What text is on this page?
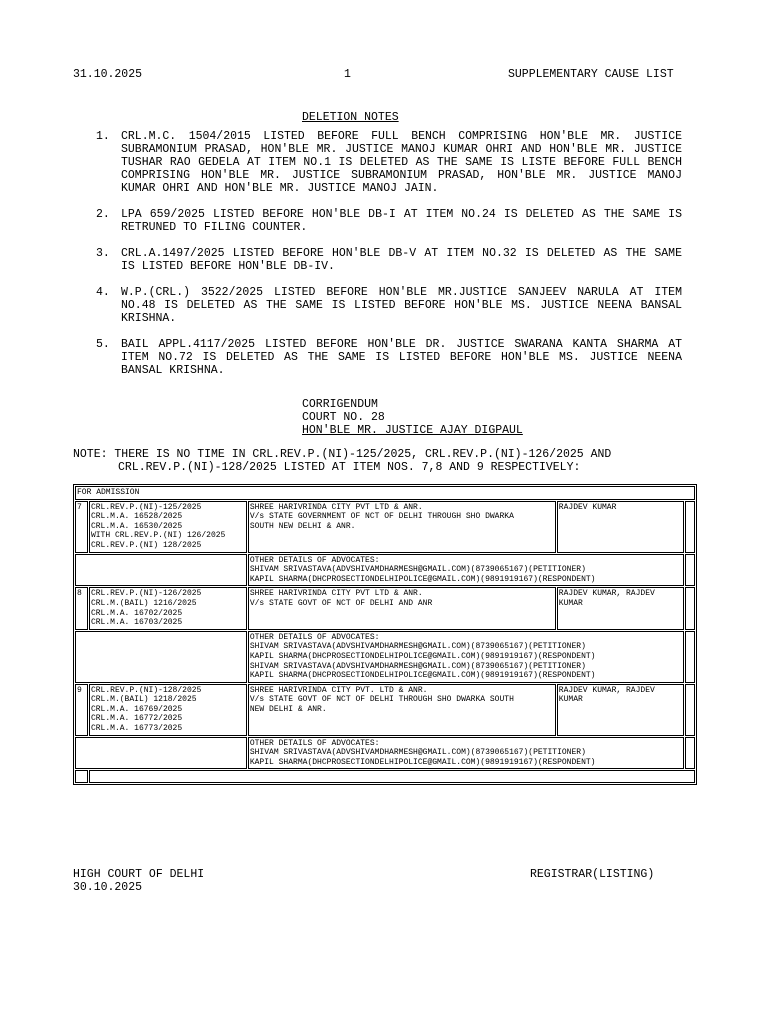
31.10.2025	1	SUPPLEMENTARY CAUSE LIST
DELETION NOTES
1. CRL.M.C. 1504/2015 LISTED BEFORE FULL BENCH COMPRISING HON'BLE MR. JUSTICE SUBRAMONIUM PRASAD, HON'BLE MR. JUSTICE MANOJ KUMAR OHRI AND HON'BLE MR. JUSTICE TUSHAR RAO GEDELA AT ITEM NO.1 IS DELETED AS THE SAME IS LISTE BEFORE FULL BENCH COMPRISING HON'BLE MR. JUSTICE SUBRAMONIUM PRASAD, HON'BLE MR. JUSTICE MANOJ KUMAR OHRI AND HON'BLE MR. JUSTICE MANOJ JAIN.
2. LPA 659/2025 LISTED BEFORE HON'BLE DB-I AT ITEM NO.24 IS DELETED AS THE SAME IS RETRUNED TO FILING COUNTER.
3. CRL.A.1497/2025 LISTED BEFORE HON'BLE DB-V AT ITEM NO.32 IS DELETED AS THE SAME IS LISTED BEFORE HON'BLE DB-IV.
4. W.P.(CRL.) 3522/2025 LISTED BEFORE HON'BLE MR.JUSTICE SANJEEV NARULA AT ITEM NO.48 IS DELETED AS THE SAME IS LISTED BEFORE HON'BLE MS. JUSTICE NEENA BANSAL KRISHNA.
5. BAIL APPL.4117/2025 LISTED BEFORE HON'BLE DR. JUSTICE SWARANA KANTA SHARMA AT ITEM NO.72 IS DELETED AS THE SAME IS LISTED BEFORE HON'BLE MS. JUSTICE NEENA BANSAL KRISHNA.
CORRIGENDUM
COURT NO. 28
HON'BLE MR. JUSTICE AJAY DIGPAUL
NOTE: THERE IS NO TIME IN CRL.REV.P.(NI)-125/2025, CRL.REV.P.(NI)-126/2025 AND
CRL.REV.P.(NI)-128/2025 LISTED AT ITEM NOS. 7,8 AND 9 RESPECTIVELY:
FOR ADMISSION				
7	CRL.REV.P.(NI)-125/2025
CRL.M.A. 16528/2025
CRL.M.A. 16530/2025
WITH CRL.REV.P.(NI) 126/2025
CRL.REV.P.(NI) 128/2025	SHREE HARIVRINDA CITY PVT LTD & ANR.
V/s STATE GOVERNMENT OF NCT OF DELHI THROUGH SHO DWARKA
SOUTH NEW DELHI & ANR.	RAJDEV KUMAR	

		OTHER DETAILS OF ADVOCATES:
SHIVAM SRIVASTAVA(ADVSHIVAMDHARMESH@GMAIL.COM)(8739065167)(PETITIONER)
KAPIL SHARMA(DHCPROSECTIONDELHIPOLICE@GMAIL.COM)(9891919167)(RESPONDENT)		

8	CRL.REV.P.(NI)-126/2025
CRL.M.(BAIL) 1216/2025
CRL.M.A. 16702/2025
CRL.M.A. 16703/2025	SHREE HARIVRINDA CITY PVT LTD & ANR.
V/s STATE GOVT OF NCT OF DELHI AND ANR	RAJDEV KUMAR, RAJDEV
KUMAR	

		OTHER DETAILS OF ADVOCATES:
SHIVAM SRIVASTAVA(ADVSHIVAMDHARMESH@GMAIL.COM)(8739065167)(PETITIONER)
KAPIL SHARMA(DHCPROSECTIONDELHIPOLICE@GMAIL.COM)(9891919167)(RESPONDENT)
SHIVAM SRIVASTAVA(ADVSHIVAMDHARMESH@GMAIL.COM)(8739065167)(PETITIONER)
KAPIL SHARMA(DHCPROSECTIONDELHIPOLICE@GMAIL.COM)(9891919167)(RESPONDENT)		

9	CRL.REV.P.(NI)-128/2025
CRL.M.(BAIL) 1218/2025
CRL.M.A. 16769/2025
CRL.M.A. 16772/2025
CRL.M.A. 16773/2025	SHREE HARIVRINDA CITY PVT. LTD & ANR.
V/s STATE GOVT OF NCT OF DELHI THROUGH SHO DWARKA SOUTH
NEW DELHI & ANR.	RAJDEV KUMAR, RAJDEV
KUMAR	

		OTHER DETAILS OF ADVOCATES:
SHIVAM SRIVASTAVA(ADVSHIVAMDHARMESH@GMAIL.COM)(8739065167)(PETITIONER)
KAPIL SHARMA(DHCPROSECTIONDELHIPOLICE@GMAIL.COM)(9891919167)(RESPONDENT)		

HIGH COURT OF DELHI
30.10.2025
REGISTRAR(LISTING)
